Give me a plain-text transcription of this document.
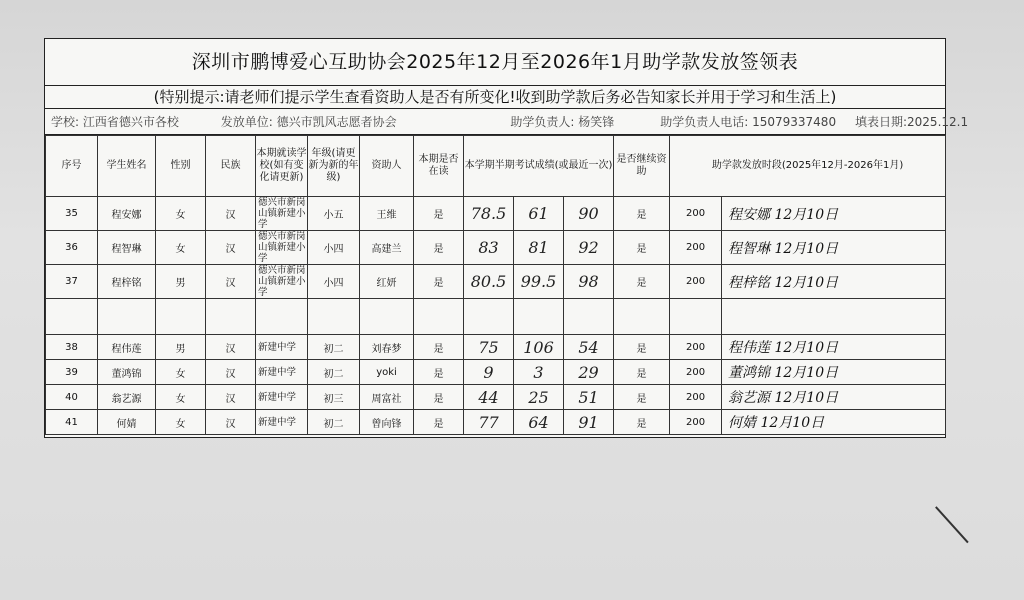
深圳市鹏博爱心互助协会2025年12月至2026年1月助学款发放签领表
(特别提示:请老师们提示学生查看资助人是否有所变化!收到助学款后务必告知家长并用于学习和生活上)
学校: 江西省德兴市各校	发放单位: 德兴市凯风志愿者协会	助学负责人: 杨笑锋	助学负责人电话: 15079337480	填表日期:2025.12.1
序号	学生姓名	性别	民族	本期就读学校(如有变化请更新)	年级(请更新为新的年级)	资助人	本期是否在读	本学期半期考试成绩(或最近一次)			是否继续资助	助学款发放时段(2025年12月-2026年1月)	
35	程安娜	女	汉	德兴市新岗山镇新建小学	小五	王维	是	78.5	61	90	是	200	程安娜 12月10日
36	程智琳	女	汉	德兴市新岗山镇新建小学	小四	高建兰	是	83	81	92	是	200	程智琳 12月10日
37	程梓铭	男	汉	德兴市新岗山镇新建小学	小四	红妍	是	80.5	99.5	98	是	200	程梓铭 12月10日

38	程伟莲	男	汉	新建中学	初二	刘春梦	是	75	106	54	是	200	程伟莲 12月10日
39	董鸿锦	女	汉	新建中学	初二	yoki	是	9	3	29	是	200	董鸿锦 12月10日
40	翁艺源	女	汉	新建中学	初三	周富社	是	44	25	51	是	200	翁艺源 12月10日
41	何婧	女	汉	新建中学	初二	曾向锋	是	77	64	91	是	200	何婧 12月10日
